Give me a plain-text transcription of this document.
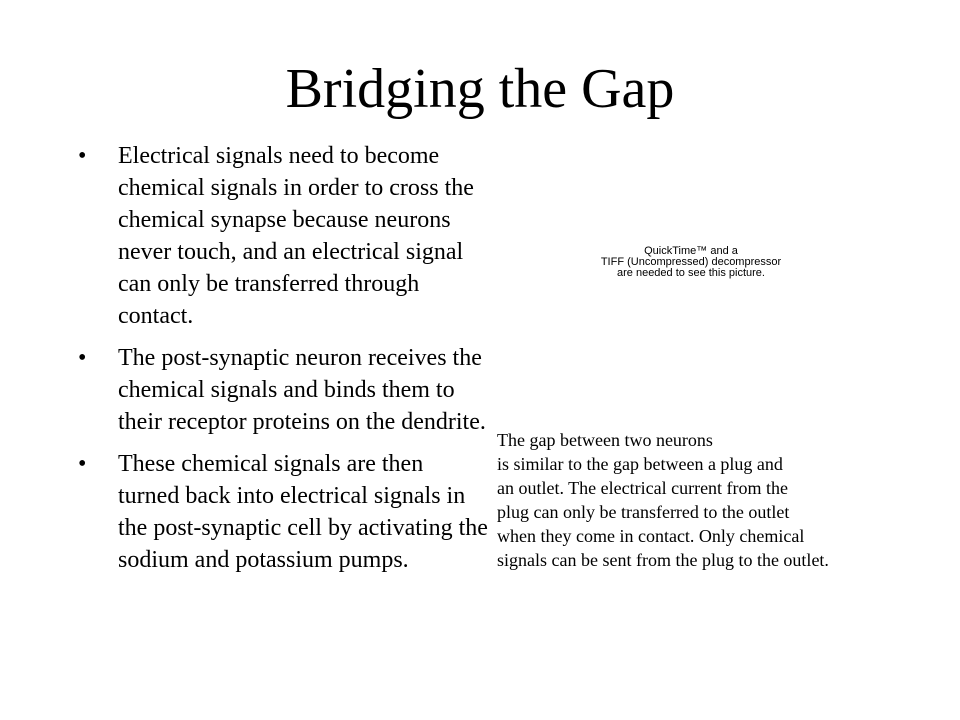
Bridging the Gap
• Electrical signals need to become chemical signals in order to cross the chemical synapse because neurons never touch, and an electrical signal can only be transferred through contact.
• The post-synaptic neuron receives the chemical signals and binds them to their receptor proteins on the dendrite.
• These chemical signals are then turned back into electrical signals in the post-synaptic cell by activating the sodium and potassium pumps.
QuickTime™ and a
TIFF (Uncompressed) decompressor
are needed to see this picture.
The gap between two neurons
is similar to the gap between a plug and
an outlet. The electrical current from the
plug can only be transferred to the outlet
when they come in contact. Only chemical
signals can be sent from the plug to the outlet.
